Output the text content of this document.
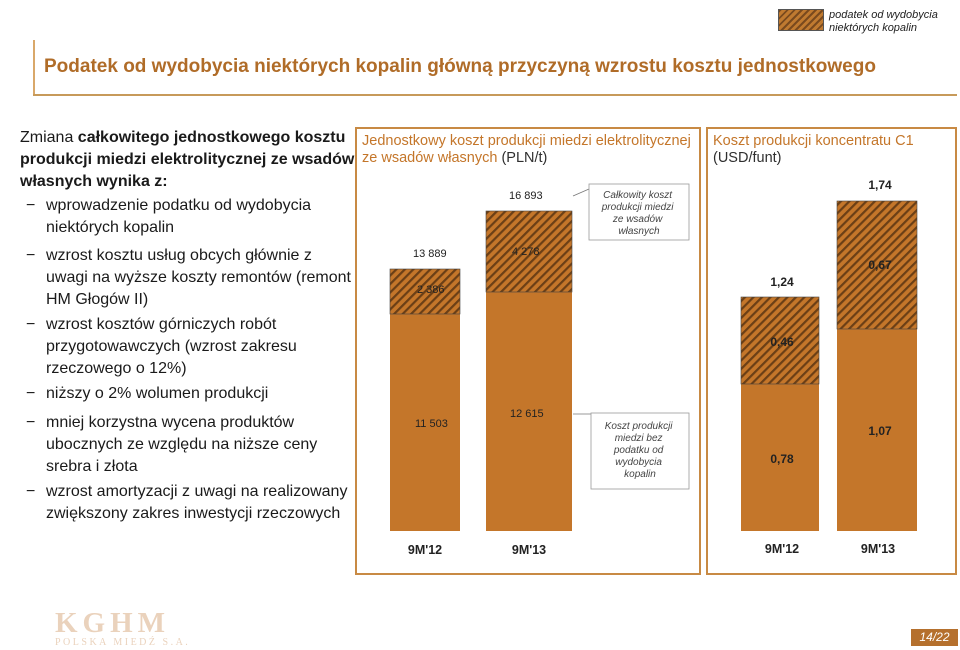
podatek od wydobycia niektórych kopalin
Podatek od wydobycia niektórych kopalin główną przyczyną wzrostu kosztu jednostkowego
Zmiana całkowitego jednostkowego kosztu produkcji miedzi elektrolitycznej ze wsadów własnych wynika z:
− wprowadzenie podatku od wydobycia niektórych kopalin
− wzrost kosztu usług obcych głównie z uwagi na wyższe koszty remontów (remont HM Głogów II)
− wzrost kosztów górniczych robót przygotowawczych (wzrost zakresu rzeczowego o 12%)
− niższy o 2% wolumen produkcji
− mniej korzystna wycena produktów ubocznych ze względu na niższe ceny srebra i złota
− wzrost amortyzacji z uwagi na realizowany zwiększony zakres inwestycji rzeczowych
Jednostkowy koszt produkcji miedzi elektrolitycznej ze wsadów własnych (PLN/t)
13 889
16 893
2 386
4 278
11 503
12 615
Całkowity koszt produkcji miedzi ze wsadów własnych
Koszt produkcji miedzi bez podatku od wydobycia kopalin
9M'12	9M'13
Koszt produkcji koncentratu C1
(USD/funt)
1,24
1,74
0,46
0,67
0,78
1,07
9M'12	9M'13
KGHM
POLSKA MIEDŹ S.A.	14/22
